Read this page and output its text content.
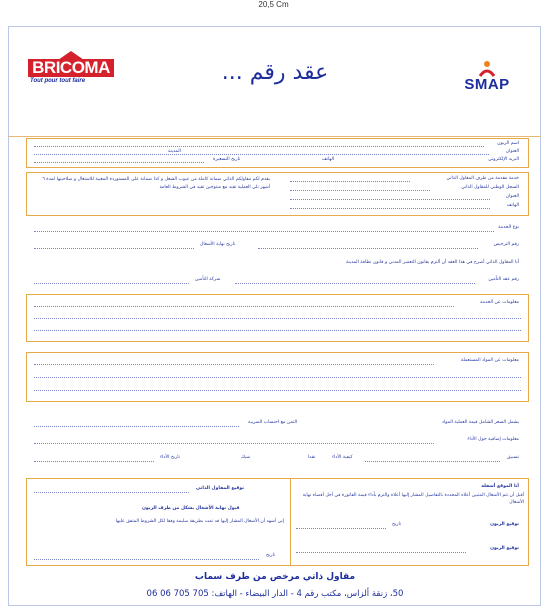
20,5 Cm
BRICOMA
Tout pour tout faire	عقد رقم ...	SMAP
اسم الزبون
العنوان
المدينة
البريد الإلكتروني
الهاتف
تاريخ التسعيرة
خدمة مقدمة من طرف المقاول الذاتي
السجل الوطني للمقاول الذاتي
العنوان
الهاتف
يقدم لكم مقاولكم الذاتي ضمانة كاملة من عيوب الشغل و كذا ضمانة على المستوردة المعيبة للاشتغال و صلاحيتها لمدة ٦ أشهر تلي العملية تقيد مع منتوجين تقيد في الشروط العامة
نوع الخدمة
رقم الترخيص
تاريخ نهاية الأشغال
أنا المقاول الذاتي أصرح في هذا العقد أن ألتزم بقانون التعمير المدني و قانون نظافة المدينة
رقم عقد التأمين
شركة التأمين
معلومات عن الخدمة
معلومات عن المواد المستعملة
يشمل السعر الشامل قيمة العملية المواد
الثمن مع احتساب الضريبة
معلومات إضافية حول الأداء
تسبيق
كيفية الأداء
نقدا
شيك
تاريخ الأداء
أنا الموقع أسفله
أقبل أن تتم الأشغال المتبين أعلاه المحددة بالتفاصيل المشار إليها أعلاه والتزم بأداء قيمة الفاتورة في أجل أقصاه نهاية الأشغال
توقيع الزبون
تاريخ
توقيع الزبون
توقيع المقاول الذاتي
قبول نهاية الأشغال بشكل من طرف الزبون
إني أشهد أن الأشغال المشار إليها قد تمت بطريقة سليمة وفقا لكل الشروط المتفق عليها
تاريخ
مقاول ذاتي مرخص من طرف سماب
50، زنقة ألزاس، مكتب رقم 4 - الدار البيضاء - الهاتف: 705 705 06 06
